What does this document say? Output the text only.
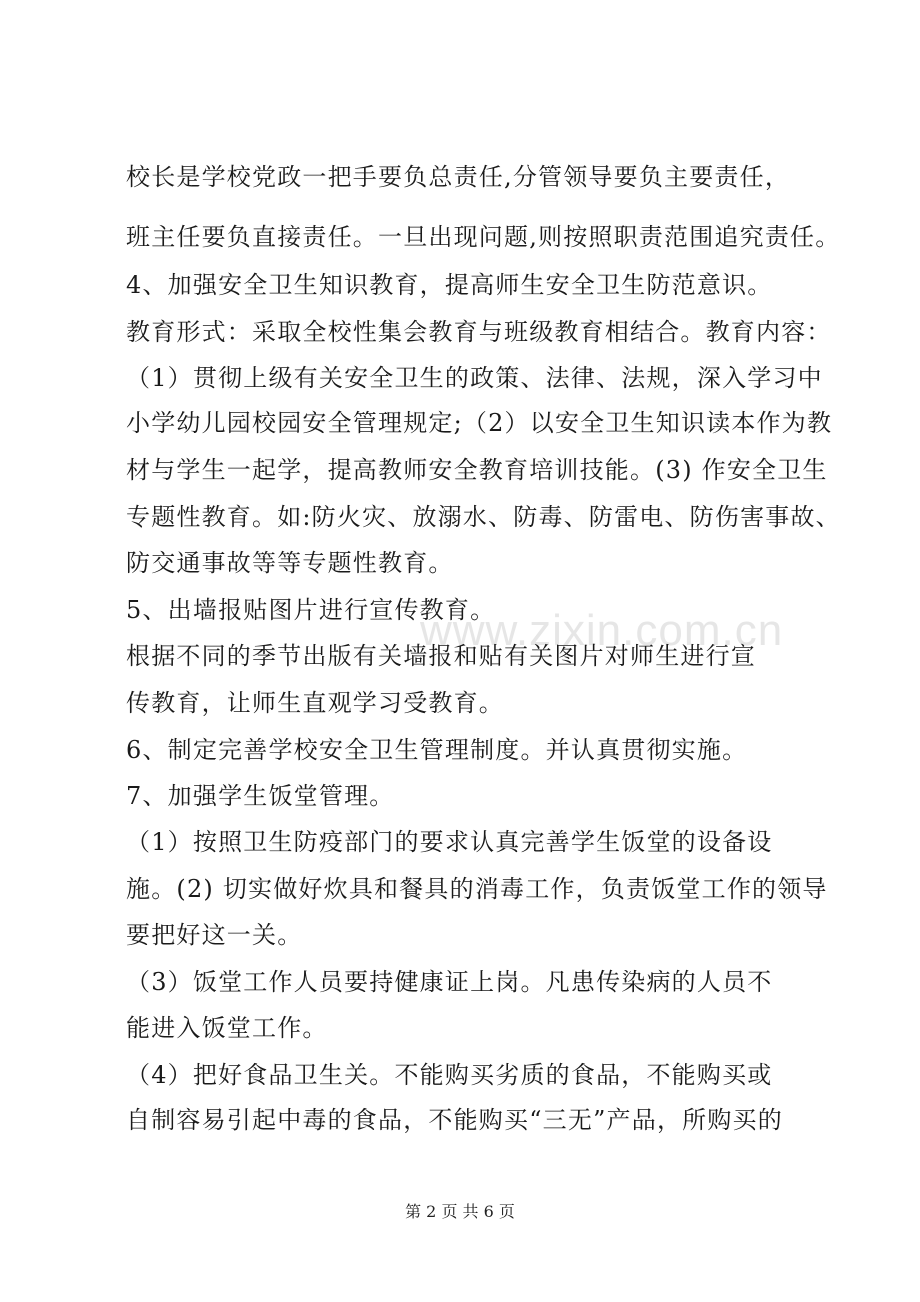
校长是学校党政一把手要负总责任,分管领导要负主要责任，
班主任要负直接责任。一旦出现问题,则按照职责范围追究责任。
4、加强安全卫生知识教育，提高师生安全卫生防范意识。
教育形式：采取全校性集会教育与班级教育相结合。教育内容：
（1）贯彻上级有关安全卫生的政策、法律、法规，深入学习中
小学幼儿园校园安全管理规定;（2）以安全卫生知识读本作为教
材与学生一起学，提高教师安全教育培训技能。(3) 作安全卫生
专题性教育。如:防火灾、放溺水、防毒、防雷电、防伤害事故、
防交通事故等等专题性教育。
www.zixin.com.cn
5、出墙报贴图片进行宣传教育。
根据不同的季节出版有关墙报和贴有关图片对师生进行宣
传教育，让师生直观学习受教育。
6、制定完善学校安全卫生管理制度。并认真贯彻实施。
7、加强学生饭堂管理。
（1）按照卫生防疫部门的要求认真完善学生饭堂的设备设
施。(2) 切实做好炊具和餐具的消毒工作，负责饭堂工作的领导
要把好这一关。
（3）饭堂工作人员要持健康证上岗。凡患传染病的人员不
能进入饭堂工作。
（4）把好食品卫生关。不能购买劣质的食品，不能购买或
自制容易引起中毒的食品，不能购买“三无”产品，所购买的
第 2 页 共 6 页
